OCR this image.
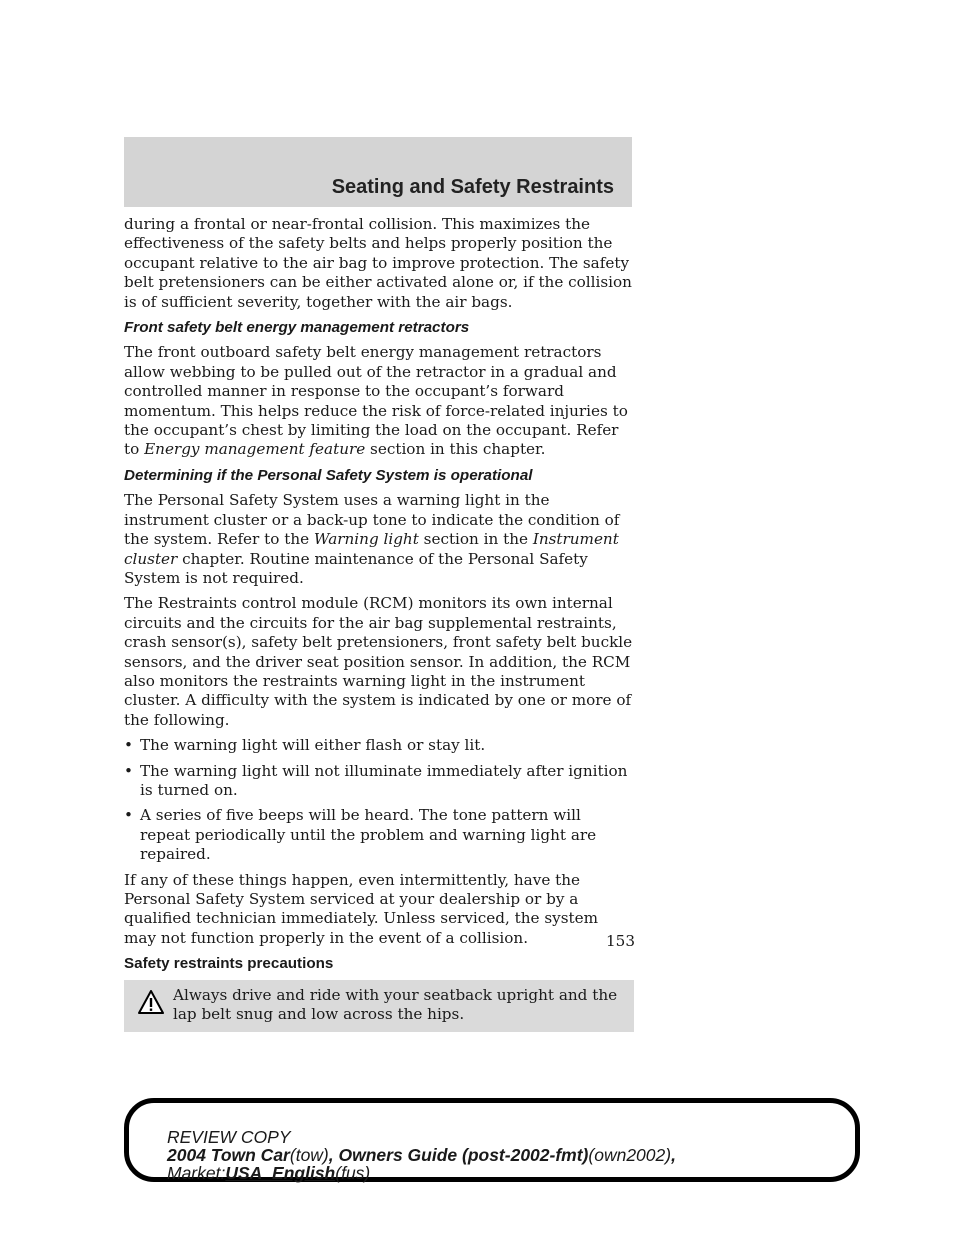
Seating and Safety Restraints

during a frontal or near-frontal collision. This maximizes the effectiveness of the safety belts and helps properly position the occupant relative to the air bag to improve protection. The safety belt pretensioners can be either activated alone or, if the collision is of sufficient severity, together with the air bags.

Front safety belt energy management retractors

The front outboard safety belt energy management retractors allow webbing to be pulled out of the retractor in a gradual and controlled manner in response to the occupant’s forward momentum. This helps reduce the risk of force-related injuries to the occupant’s chest by limiting the load on the occupant. Refer to Energy management feature section in this chapter.

Determining if the Personal Safety System is operational

The Personal Safety System uses a warning light in the instrument cluster or a back-up tone to indicate the condition of the system. Refer to the Warning light section in the Instrument cluster chapter. Routine maintenance of the Personal Safety System is not required.

The Restraints control module (RCM) monitors its own internal circuits and the circuits for the air bag supplemental restraints, crash sensor(s), safety belt pretensioners, front safety belt buckle sensors, and the driver seat position sensor. In addition, the RCM also monitors the restraints warning light in the instrument cluster. A difficulty with the system is indicated by one or more of the following.

• The warning light will either flash or stay lit.
• The warning light will not illuminate immediately after ignition is turned on.
• A series of five beeps will be heard. The tone pattern will repeat periodically until the problem and warning light are repaired.

If any of these things happen, even intermittently, have the Personal Safety System serviced at your dealership or by a qualified technician immediately. Unless serviced, the system may not function properly in the event of a collision.

Safety restraints precautions
Always drive and ride with your seatback upright and the lap belt snug and low across the hips.
153
REVIEW COPY
2004 Town Car(tow), Owners Guide (post-2002-fmt)(own2002),
Market:USA_English(fus)
